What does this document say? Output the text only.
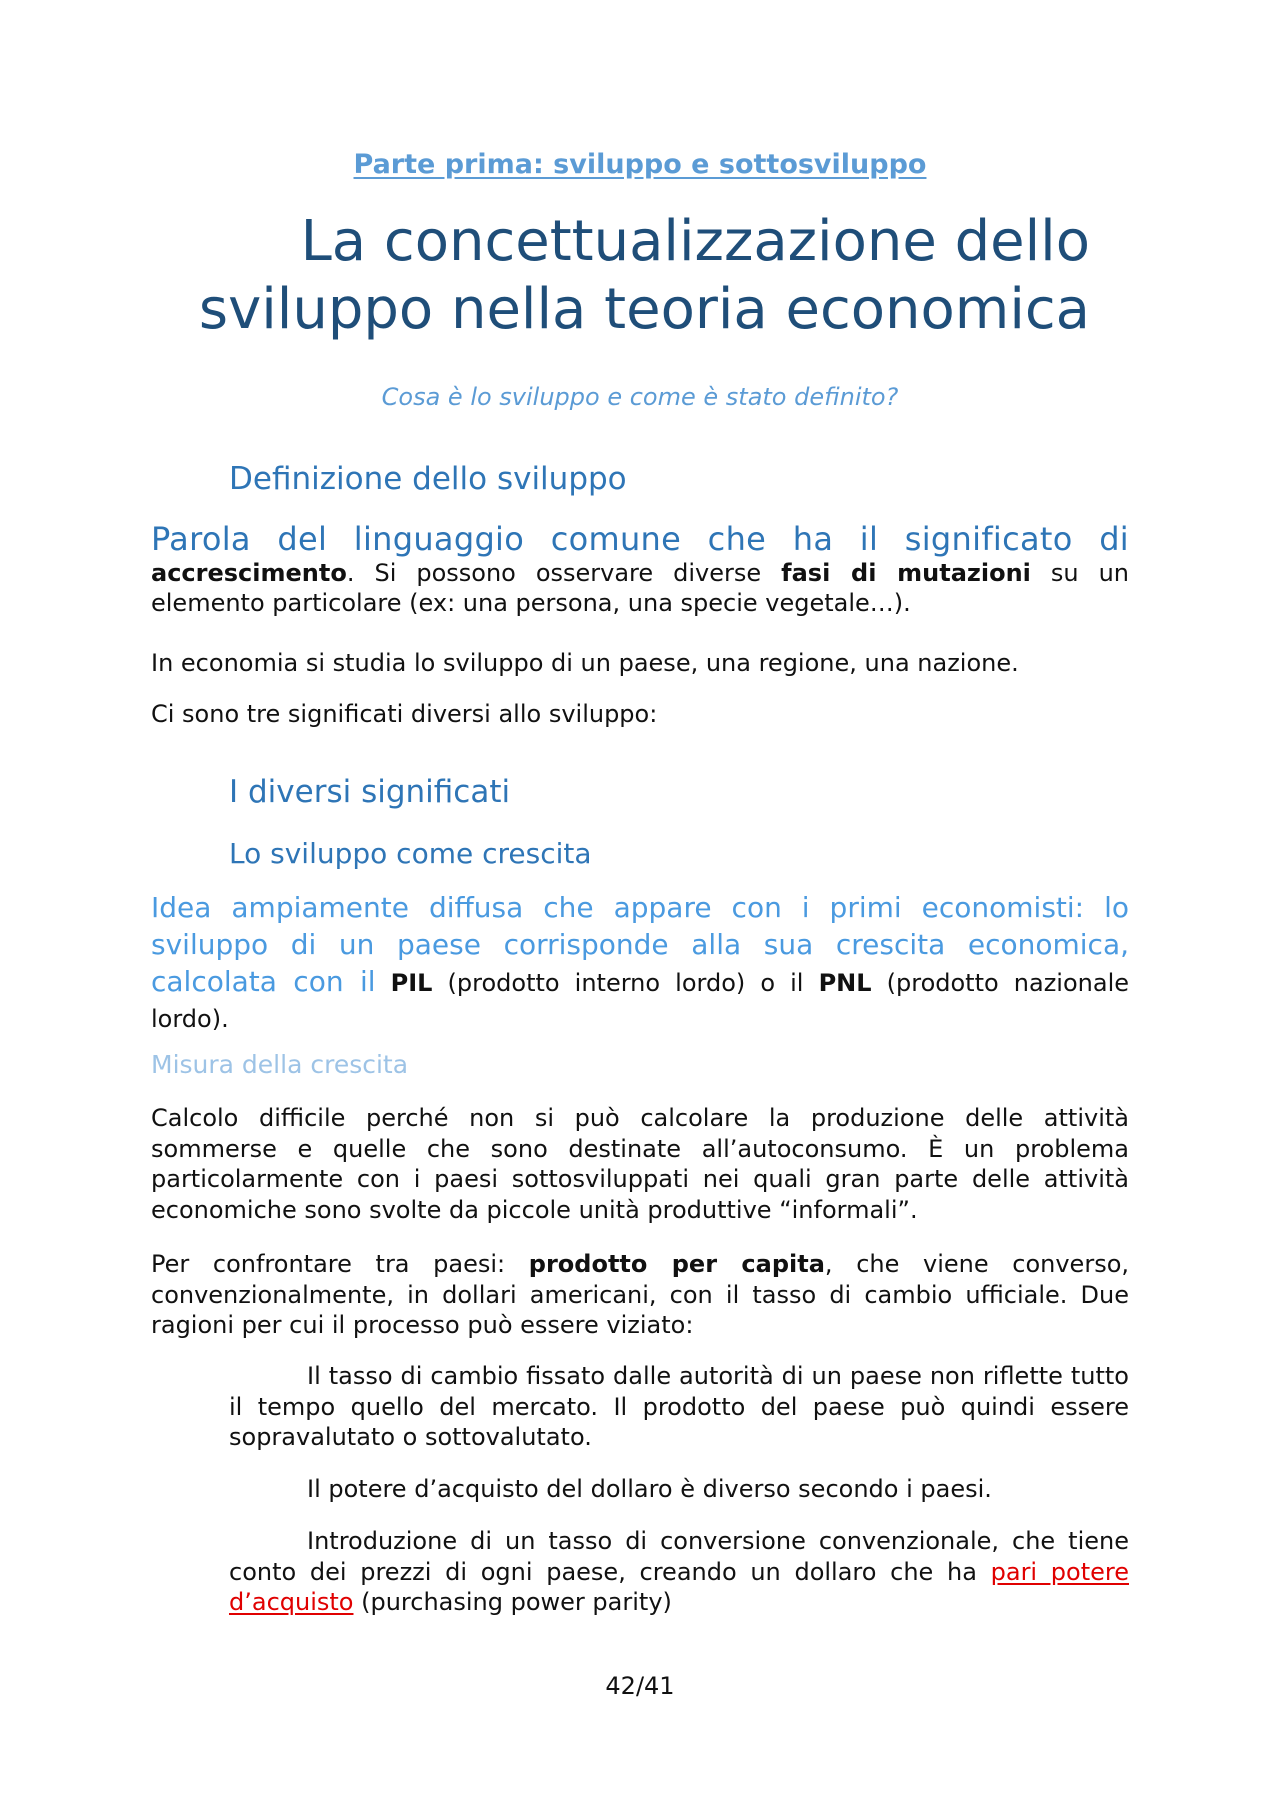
Parte prima: sviluppo e sottosviluppo
La concettualizzazione dello
sviluppo nella teoria economica
Cosa è lo sviluppo e come è stato definito?
Definizione dello sviluppo

Parola del linguaggio comune che ha il significato di accrescimento. Si possono osservare diverse fasi di mutazioni su un elemento particolare (ex: una persona, una specie vegetale…).

In economia si studia lo sviluppo di un paese, una regione, una nazione.

Ci sono tre significati diversi allo sviluppo:

I diversi significati
Lo sviluppo come crescita

Idea ampiamente diffusa che appare con i primi economisti: lo sviluppo di un paese corrisponde alla sua crescita economica, calcolata con il PIL (prodotto interno lordo) o il PNL (prodotto nazionale lordo).

Misura della crescita

Calcolo difficile perché non si può calcolare la produzione delle attività sommerse e quelle che sono destinate all’autoconsumo. È un problema particolarmente con i paesi sottosviluppati nei quali gran parte delle attività economiche sono svolte da piccole unità produttive “informali”.

Per confrontare tra paesi: prodotto per capita, che viene converso, convenzionalmente, in dollari americani, con il tasso di cambio ufficiale. Due ragioni per cui il processo può essere viziato:

Il tasso di cambio fissato dalle autorità di un paese non riflette tutto il tempo quello del mercato. Il prodotto del paese può quindi essere sopravalutato o sottovalutato.

Il potere d’acquisto del dollaro è diverso secondo i paesi.

Introduzione di un tasso di conversione convenzionale, che tiene conto dei prezzi di ogni paese, creando un dollaro che ha pari potere d’acquisto (purchasing power parity)

42/41
